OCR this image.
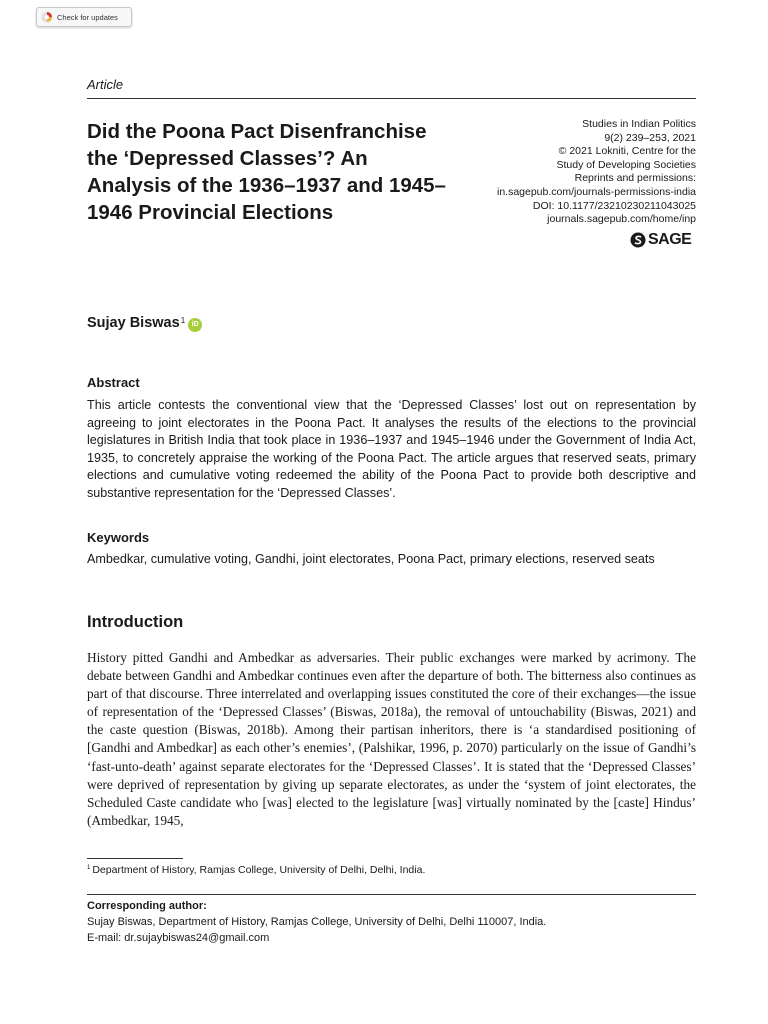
Check for updates
Article
Did the Poona Pact Disenfranchise the ‘Depressed Classes’? An Analysis of the 1936–1937 and 1945–1946 Provincial Elections
Studies in Indian Politics
9(2) 239–253, 2021
© 2021 Lokniti, Centre for the
Study of Developing Societies
Reprints and permissions:
in.sagepub.com/journals-permissions-india
DOI: 10.1177/23210230211043025
journals.sagepub.com/home/inp
SAGE
Sujay Biswas 1 iD
Abstract

This article contests the conventional view that the ‘Depressed Classes’ lost out on representation by agreeing to joint electorates in the Poona Pact. It analyses the results of the elections to the provincial legislatures in British India that took place in 1936–1937 and 1945–1946 under the Government of India Act, 1935, to concretely appraise the working of the Poona Pact. The article argues that reserved seats, primary elections and cumulative voting redeemed the ability of the Poona Pact to provide both descriptive and substantive representation for the ‘Depressed Classes’.

Keywords
Ambedkar, cumulative voting, Gandhi, joint electorates, Poona Pact, primary elections, reserved seats
Introduction

History pitted Gandhi and Ambedkar as adversaries. Their public exchanges were marked by acrimony. The debate between Gandhi and Ambedkar continues even after the departure of both. The bitterness also continues as part of that discourse. Three interrelated and overlapping issues constituted the core of their exchanges—the issue of representation of the ‘Depressed Classes’ (Biswas, 2018a), the removal of untouchability (Biswas, 2021) and the caste question (Biswas, 2018b). Among their partisan inheritors, there is ‘a standardised positioning of [Gandhi and Ambedkar] as each other’s enemies’, (Palshikar, 1996, p. 2070) particularly on the issue of Gandhi’s ‘fast-unto-death’ against separate electorates for the ‘Depressed Classes’. It is stated that the ‘Depressed Classes’ were deprived of representation by giving up separate electorates, as under the ‘system of joint electorates, the Scheduled Caste candidate who [was] elected to the legislature [was] virtually nominated by the [caste] Hindus’ (Ambedkar, 1945,

$^1$ Department of History, Ramjas College, University of Delhi, Delhi, India.
Corresponding author:
Sujay Biswas, Department of History, Ramjas College, University of Delhi, Delhi 110007, India.
E-mail: dr.sujaybiswas24@gmail.com
